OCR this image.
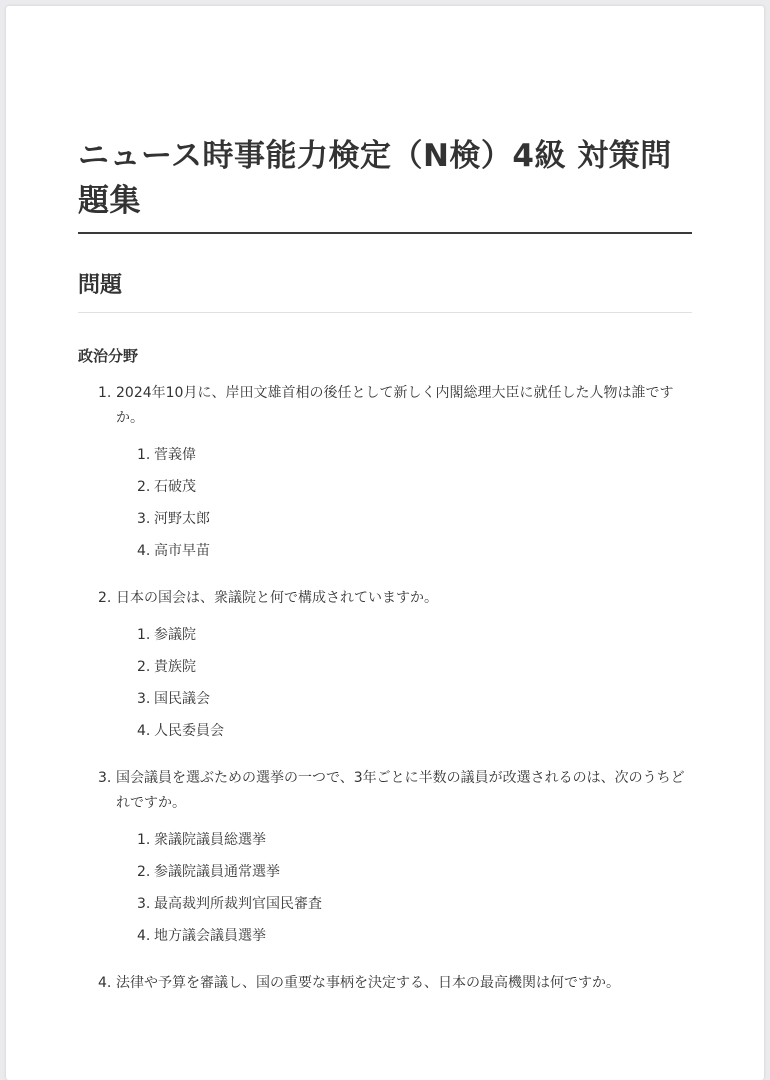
ニュース時事能力検定（N検）4級 対策問題集
問題
政治分野
1. 2024年10月に、岸田文雄首相の後任として新しく内閣総理大臣に就任した人物は誰ですか。
1. 菅義偉
2. 石破茂
3. 河野太郎
4. 高市早苗
2. 日本の国会は、衆議院と何で構成されていますか。
1. 参議院
2. 貴族院
3. 国民議会
4. 人民委員会
3. 国会議員を選ぶための選挙の一つで、3年ごとに半数の議員が改選されるのは、次のうちどれですか。
1. 衆議院議員総選挙
2. 参議院議員通常選挙
3. 最高裁判所裁判官国民審査
4. 地方議会議員選挙
4. 法律や予算を審議し、国の重要な事柄を決定する、日本の最高機関は何ですか。
